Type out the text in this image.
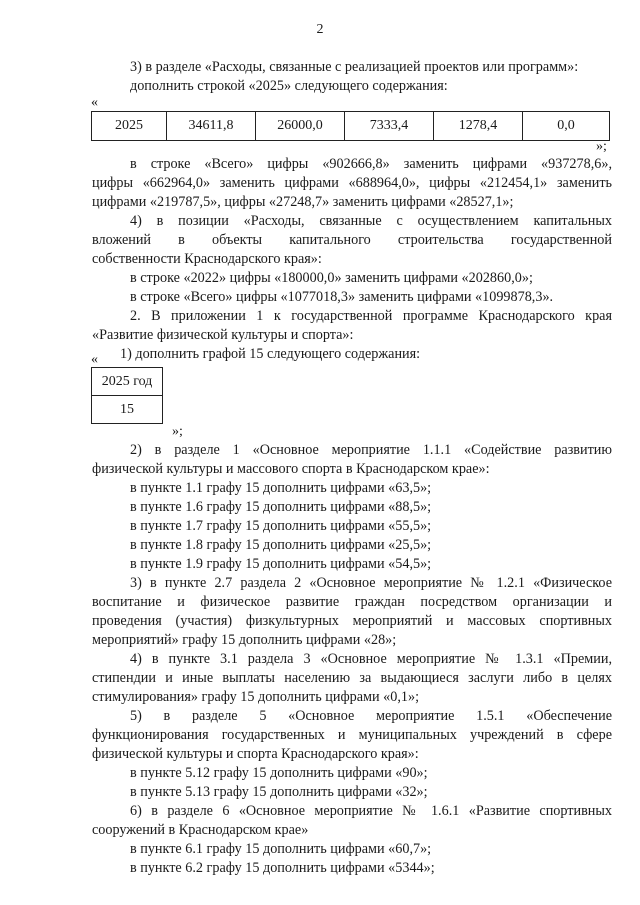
2
3) в разделе «Расходы, связанные с реализацией проектов или программ»:
дополнить строкой «2025» следующего содержания:
«
2025	34611,8	26000,0	7333,4	1278,4	0,0
»;
в строке «Всего» цифры «902666,8» заменить цифрами «937278,6»,
цифры «662964,0» заменить цифрами «688964,0», цифры «212454,1» заменить
цифрами «219787,5», цифры «27248,7» заменить цифрами «28527,1»;
4) в позиции «Расходы, связанные с осуществлением капитальных
вложений в объекты капитального строительства государственной
собственности Краснодарского края»:
в строке «2022» цифры «180000,0» заменить цифрами «202860,0»;
в строке «Всего» цифры «1077018,3» заменить цифрами «1099878,3».
2. В приложении 1 к государственной программе Краснодарского края
«Развитие физической культуры и спорта»:
1) дополнить графой 15 следующего содержания:
«
2025 год
15
»;
2) в разделе 1 «Основное мероприятие 1.1.1 «Содействие развитию
физической культуры и массового спорта в Краснодарском крае»:
в пункте 1.1 графу 15 дополнить цифрами «63,5»;
в пункте 1.6 графу 15 дополнить цифрами «88,5»;
в пункте 1.7 графу 15 дополнить цифрами «55,5»;
в пункте 1.8 графу 15 дополнить цифрами «25,5»;
в пункте 1.9 графу 15 дополнить цифрами «54,5»;
3) в пункте 2.7 раздела 2 «Основное мероприятие № 1.2.1 «Физическое
воспитание и физическое развитие граждан посредством организации и
проведения (участия) физкультурных мероприятий и массовых спортивных
мероприятий» графу 15 дополнить цифрами «28»;
4) в пункте 3.1 раздела 3 «Основное мероприятие № 1.3.1 «Премии,
стипендии и иные выплаты населению за выдающиеся заслуги либо в целях
стимулирования» графу 15 дополнить цифрами «0,1»;
5) в разделе 5 «Основное мероприятие 1.5.1 «Обеспечение
функционирования государственных и муниципальных учреждений в сфере
физической культуры и спорта Краснодарского края»:
в пункте 5.12 графу 15 дополнить цифрами «90»;
в пункте 5.13 графу 15 дополнить цифрами «32»;
6) в разделе 6 «Основное мероприятие № 1.6.1 «Развитие спортивных
сооружений в Краснодарском крае»
в пункте 6.1 графу 15 дополнить цифрами «60,7»;
в пункте 6.2 графу 15 дополнить цифрами «5344»;
